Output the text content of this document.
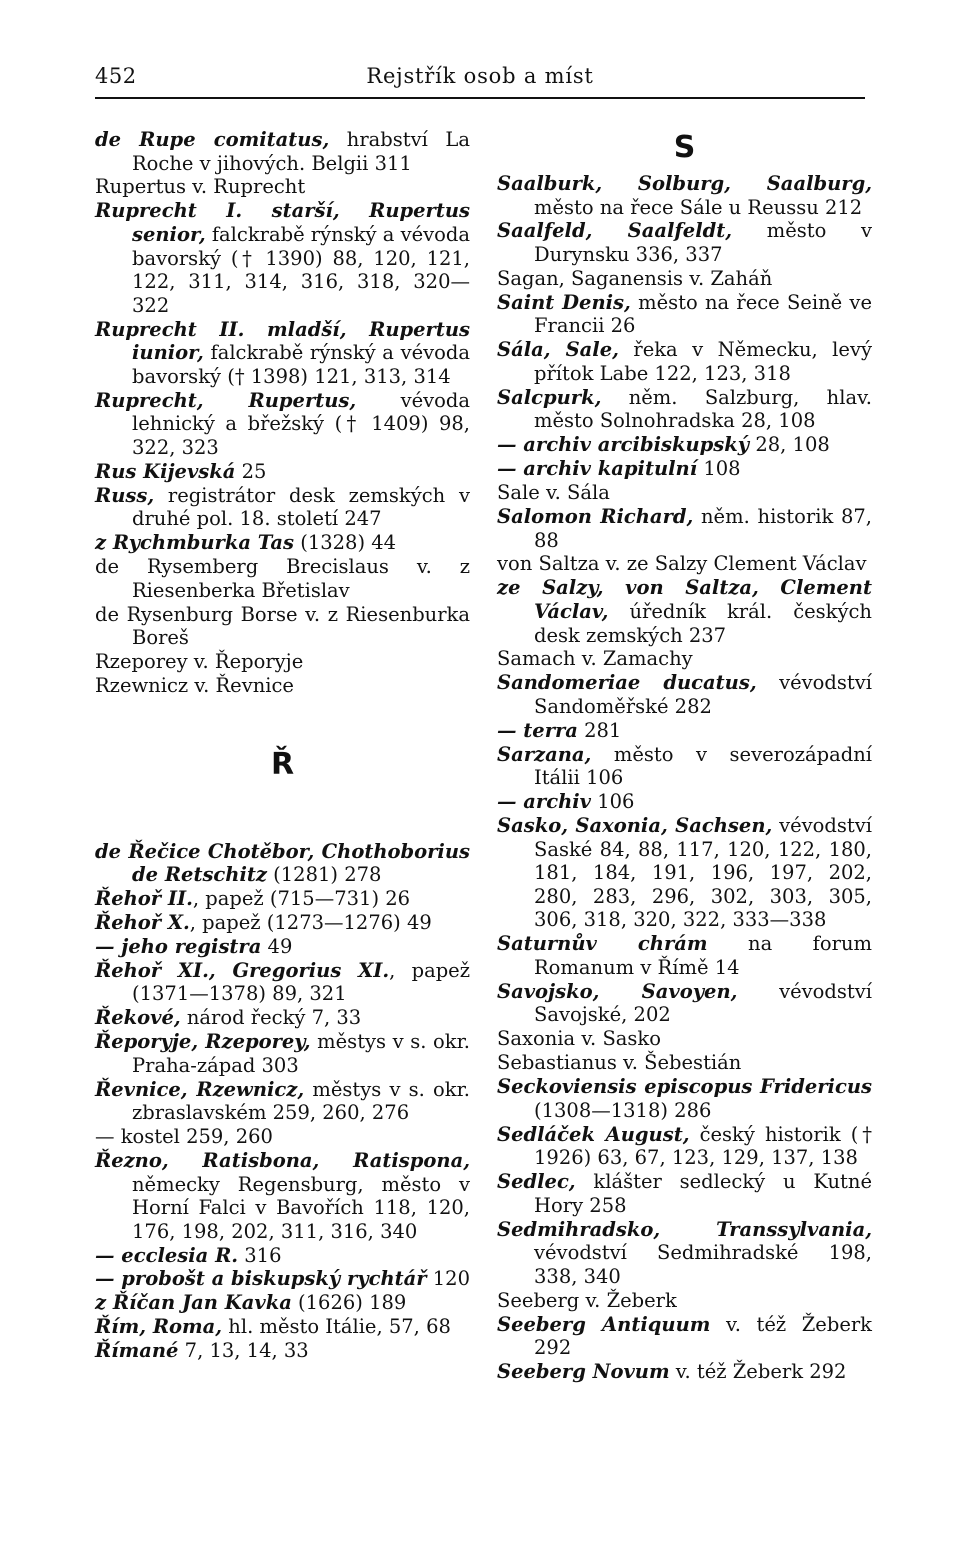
452	Rejstřík osob a míst

de Rupe comitatus, hrabství La Roche v jihových. Belgii 311

Rupertus v. Ruprecht

Ruprecht I. starší, Rupertus senior, falckrabě rýnský a vévoda bavorský († 1390) 88, 120, 121, 122, 311, 314, 316, 318, 320—322

Ruprecht II. mladší, Rupertus iunior, falckrabě rýnský a vévoda bavorský († 1398) 121, 313, 314

Ruprecht, Rupertus, vévoda lehnický a břežský († 1409) 98, 322, 323

Rus Kijevská 25

Russ, registrátor desk zemských v druhé pol. 18. století 247

z Rychmburka Tas (1328) 44

de Rysemberg Brecislaus v. z Riesenberka Břetislav

de Rysenburg Borse v. z Riesenburka Boreš

Rzeporey v. Řeporyje

Rzewnicz v. Řevnice

Ř

de Řečice Chotěbor, Chothoborius de Retschitz (1281) 278

Řehoř II., papež (715—731) 26

Řehoř X., papež (1273—1276) 49

— jeho registra 49

Řehoř XI., Gregorius XI., papež (1371—1378) 89, 321

Řekové, národ řecký 7, 33

Řeporyje, Rzeporey, městys v s. okr. Praha-západ 303

Řevnice, Rzewnicz, městys v s. okr. zbraslavském 259, 260, 276

— kostel 259, 260

Řezno, Ratisbona, Ratispona, německy Regensburg, město v Horní Falci v Bavořích 118, 120, 176, 198, 202, 311, 316, 340

— ecclesia R. 316

— probošt a biskupský rychtář 120

z Říčan Jan Kavka (1626) 189

Řím, Roma, hl. město Itálie, 57, 68

Římané 7, 13, 14, 33

S

Saalburk, Solburg, Saalburg, město na řece Sále u Reussu 212

Saalfeld, Saalfeldt, město v Durynsku 336, 337

Sagan, Saganensis v. Zaháň

Saint Denis, město na řece Seině ve Francii 26

Sála, Sale, řeka v Německu, levý přítok Labe 122, 123, 318

Salcpurk, něm. Salzburg, hlav. město Solnohradska 28, 108

— archiv arcibiskupský 28, 108

— archiv kapitulní 108

Sale v. Sála

Salomon Richard, něm. historik 87, 88

von Saltza v. ze Salzy Clement Václav

ze Salzy, von Saltza, Clement Václav, úředník král. českých desk zemských 237

Samach v. Zamachy

Sandomeriae ducatus, vévodství Sandoměřské 282

— terra 281

Sarzana, město v severozápadní Itálii 106

— archiv 106

Sasko, Saxonia, Sachsen, vévodství Saské 84, 88, 117, 120, 122, 180, 181, 184, 191, 196, 197, 202, 280, 283, 296, 302, 303, 305, 306, 318, 320, 322, 333—338

Saturnův chrám na forum Romanum v Římě 14

Savojsko, Savoyen, vévodství Savojské, 202

Saxonia v. Sasko

Sebastianus v. Šebestián

Seckoviensis episcopus Fridericus (1308—1318) 286

Sedláček August, český historik († 1926) 63, 67, 123, 129, 137, 138

Sedlec, klášter sedlecký u Kutné Hory 258

Sedmihradsko, Transsylvania, vévodství Sedmihradské 198, 338, 340

Seeberg v. Žeberk

Seeberg Antiquum v. též Žeberk 292

Seeberg Novum v. též Žeberk 292
